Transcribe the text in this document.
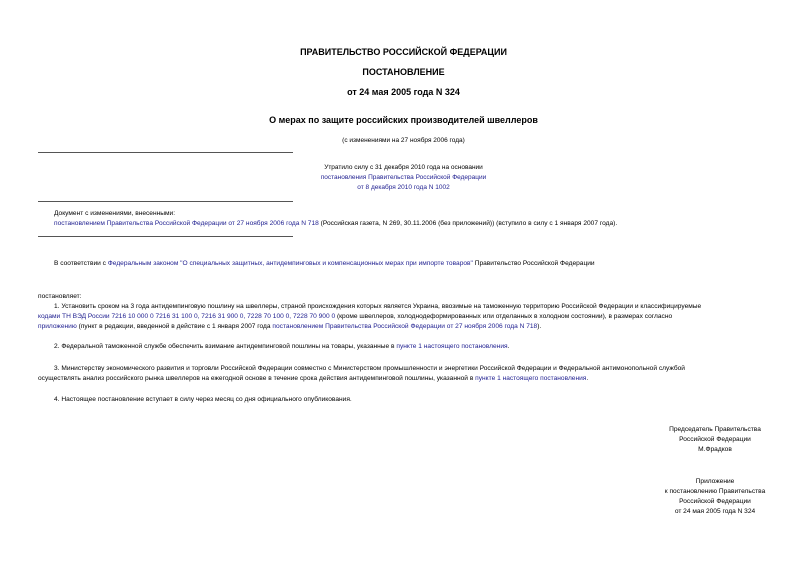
ПРАВИТЕЛЬСТВО РОССИЙСКОЙ ФЕДЕРАЦИИ
ПОСТАНОВЛЕНИЕ
от 24 мая 2005 года N 324
О мерах по защите российских производителей швеллеров
(с изменениями на 27 ноября 2006 года)
Утратило силу с 31 декабря 2010 года на основании
постановления Правительства Российской Федерации
от 8 декабря 2010 года N 1002
Документ с изменениями, внесенными:
постановлением Правительства Российской Федерации от 27 ноября 2006 года N 718 (Российская газета, N 269, 30.11.2006 (без приложений)) (вступило в силу с 1 января 2007 года).
В соответствии с Федеральным законом "О специальных защитных, антидемпинговых и компенсационных мерах при импорте товаров" Правительство Российской Федерации
постановляет:
1. Установить сроком на 3 года антидемпинговую пошлину на швеллеры, страной происхождения которых является Украина, ввозимые на таможенную территорию Российской Федерации и классифицируемые
кодами ТН ВЭД России 7216 10 000 0 7216 31 100 0, 7216 31 900 0, 7228 70 100 0, 7228 70 900 0 (кроме швеллеров, холоднодеформированных или отделанных в холодном состоянии), в размерах согласно
приложению (пункт в редакции, введенной в действие с 1 января 2007 года постановлением Правительства Российской Федерации от 27 ноября 2006 года N 718).
2. Федеральной таможенной службе обеспечить взимание антидемпинговой пошлины на товары, указанные в пункте 1 настоящего постановления.
3. Министерству экономического развития и торговли Российской Федерации совместно с Министерством промышленности и энергетики Российской Федерации и Федеральной антимонопольной службой
осуществлять анализ российского рынка швеллеров на ежегодной основе в течение срока действия антидемпинговой пошлины, указанной в пункте 1 настоящего постановления.
4. Настоящее постановление вступает в силу через месяц со дня официального опубликования.
Председатель Правительства
Российской Федерации
М.Фрадков
Приложение
к постановлению Правительства
Российской Федерации
от 24 мая 2005 года N 324
